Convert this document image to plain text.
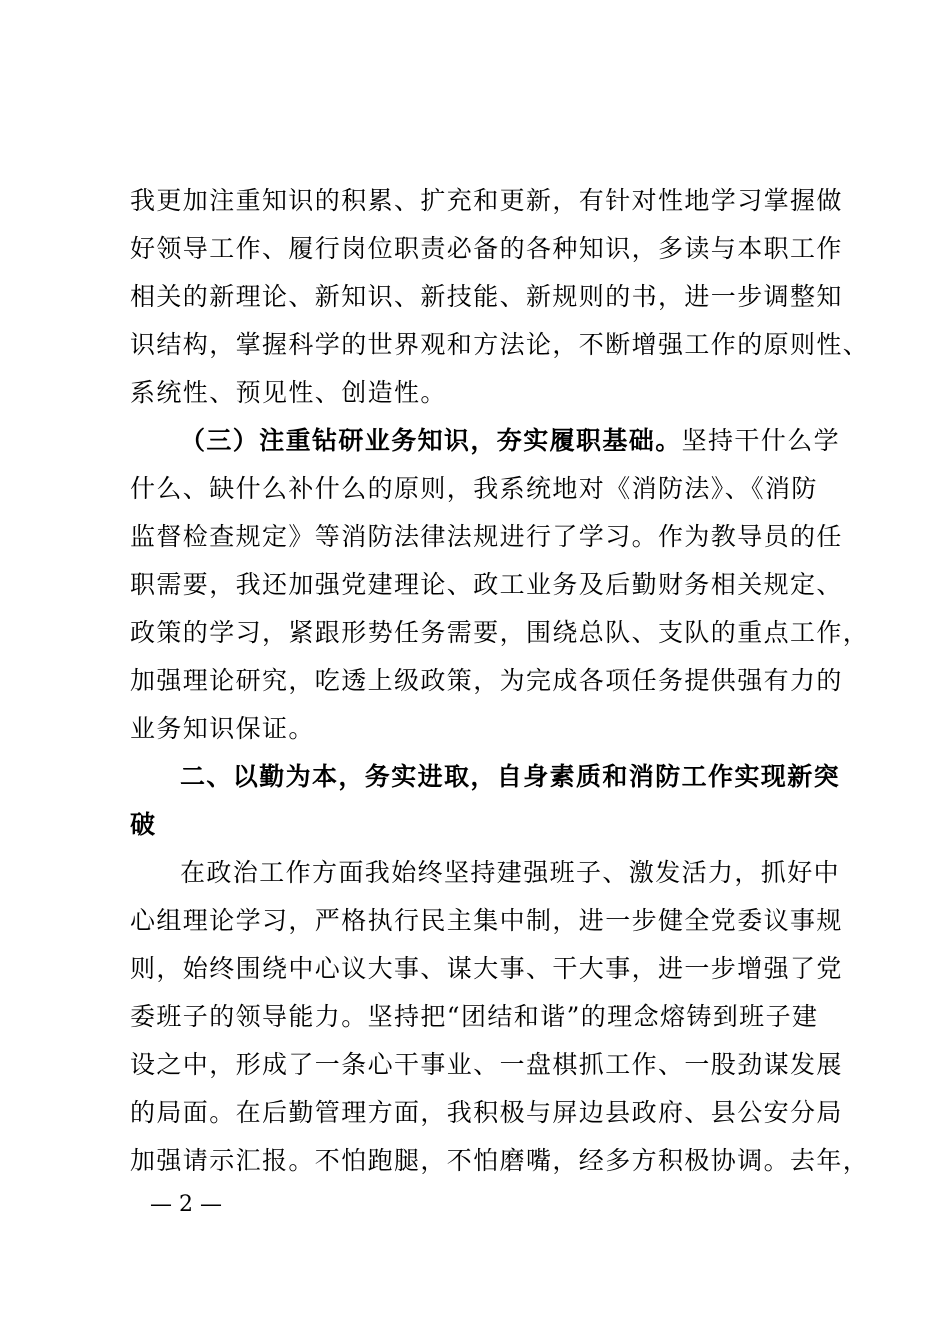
我更加注重知识的积累、扩充和更新，有针对性地学习掌握做
好领导工作、履行岗位职责必备的各种知识，多读与本职工作
相关的新理论、新知识、新技能、新规则的书，进一步调整知
识结构，掌握科学的世界观和方法论，不断增强工作的原则性、
系统性、预见性、创造性。
（三）注重钻研业务知识，夯实履职基础。坚持干什么学
什么、缺什么补什么的原则，我系统地对《消防法》、《消防
监督检查规定》等消防法律法规进行了学习。作为教导员的任
职需要，我还加强党建理论、政工业务及后勤财务相关规定、
政策的学习，紧跟形势任务需要，围绕总队、支队的重点工作，
加强理论研究，吃透上级政策，为完成各项任务提供强有力的
业务知识保证。
二、以勤为本，务实进取，自身素质和消防工作实现新突
破
在政治工作方面我始终坚持建强班子、激发活力，抓好中
心组理论学习，严格执行民主集中制，进一步健全党委议事规
则，始终围绕中心议大事、谋大事、干大事，进一步增强了党
委班子的领导能力。坚持把“团结和谐”的理念熔铸到班子建
设之中，形成了一条心干事业、一盘棋抓工作、一股劲谋发展
的局面。在后勤管理方面，我积极与屏边县政府、县公安分局
加强请示汇报。不怕跑腿，不怕磨嘴，经多方积极协调。去年，
— 2 —
